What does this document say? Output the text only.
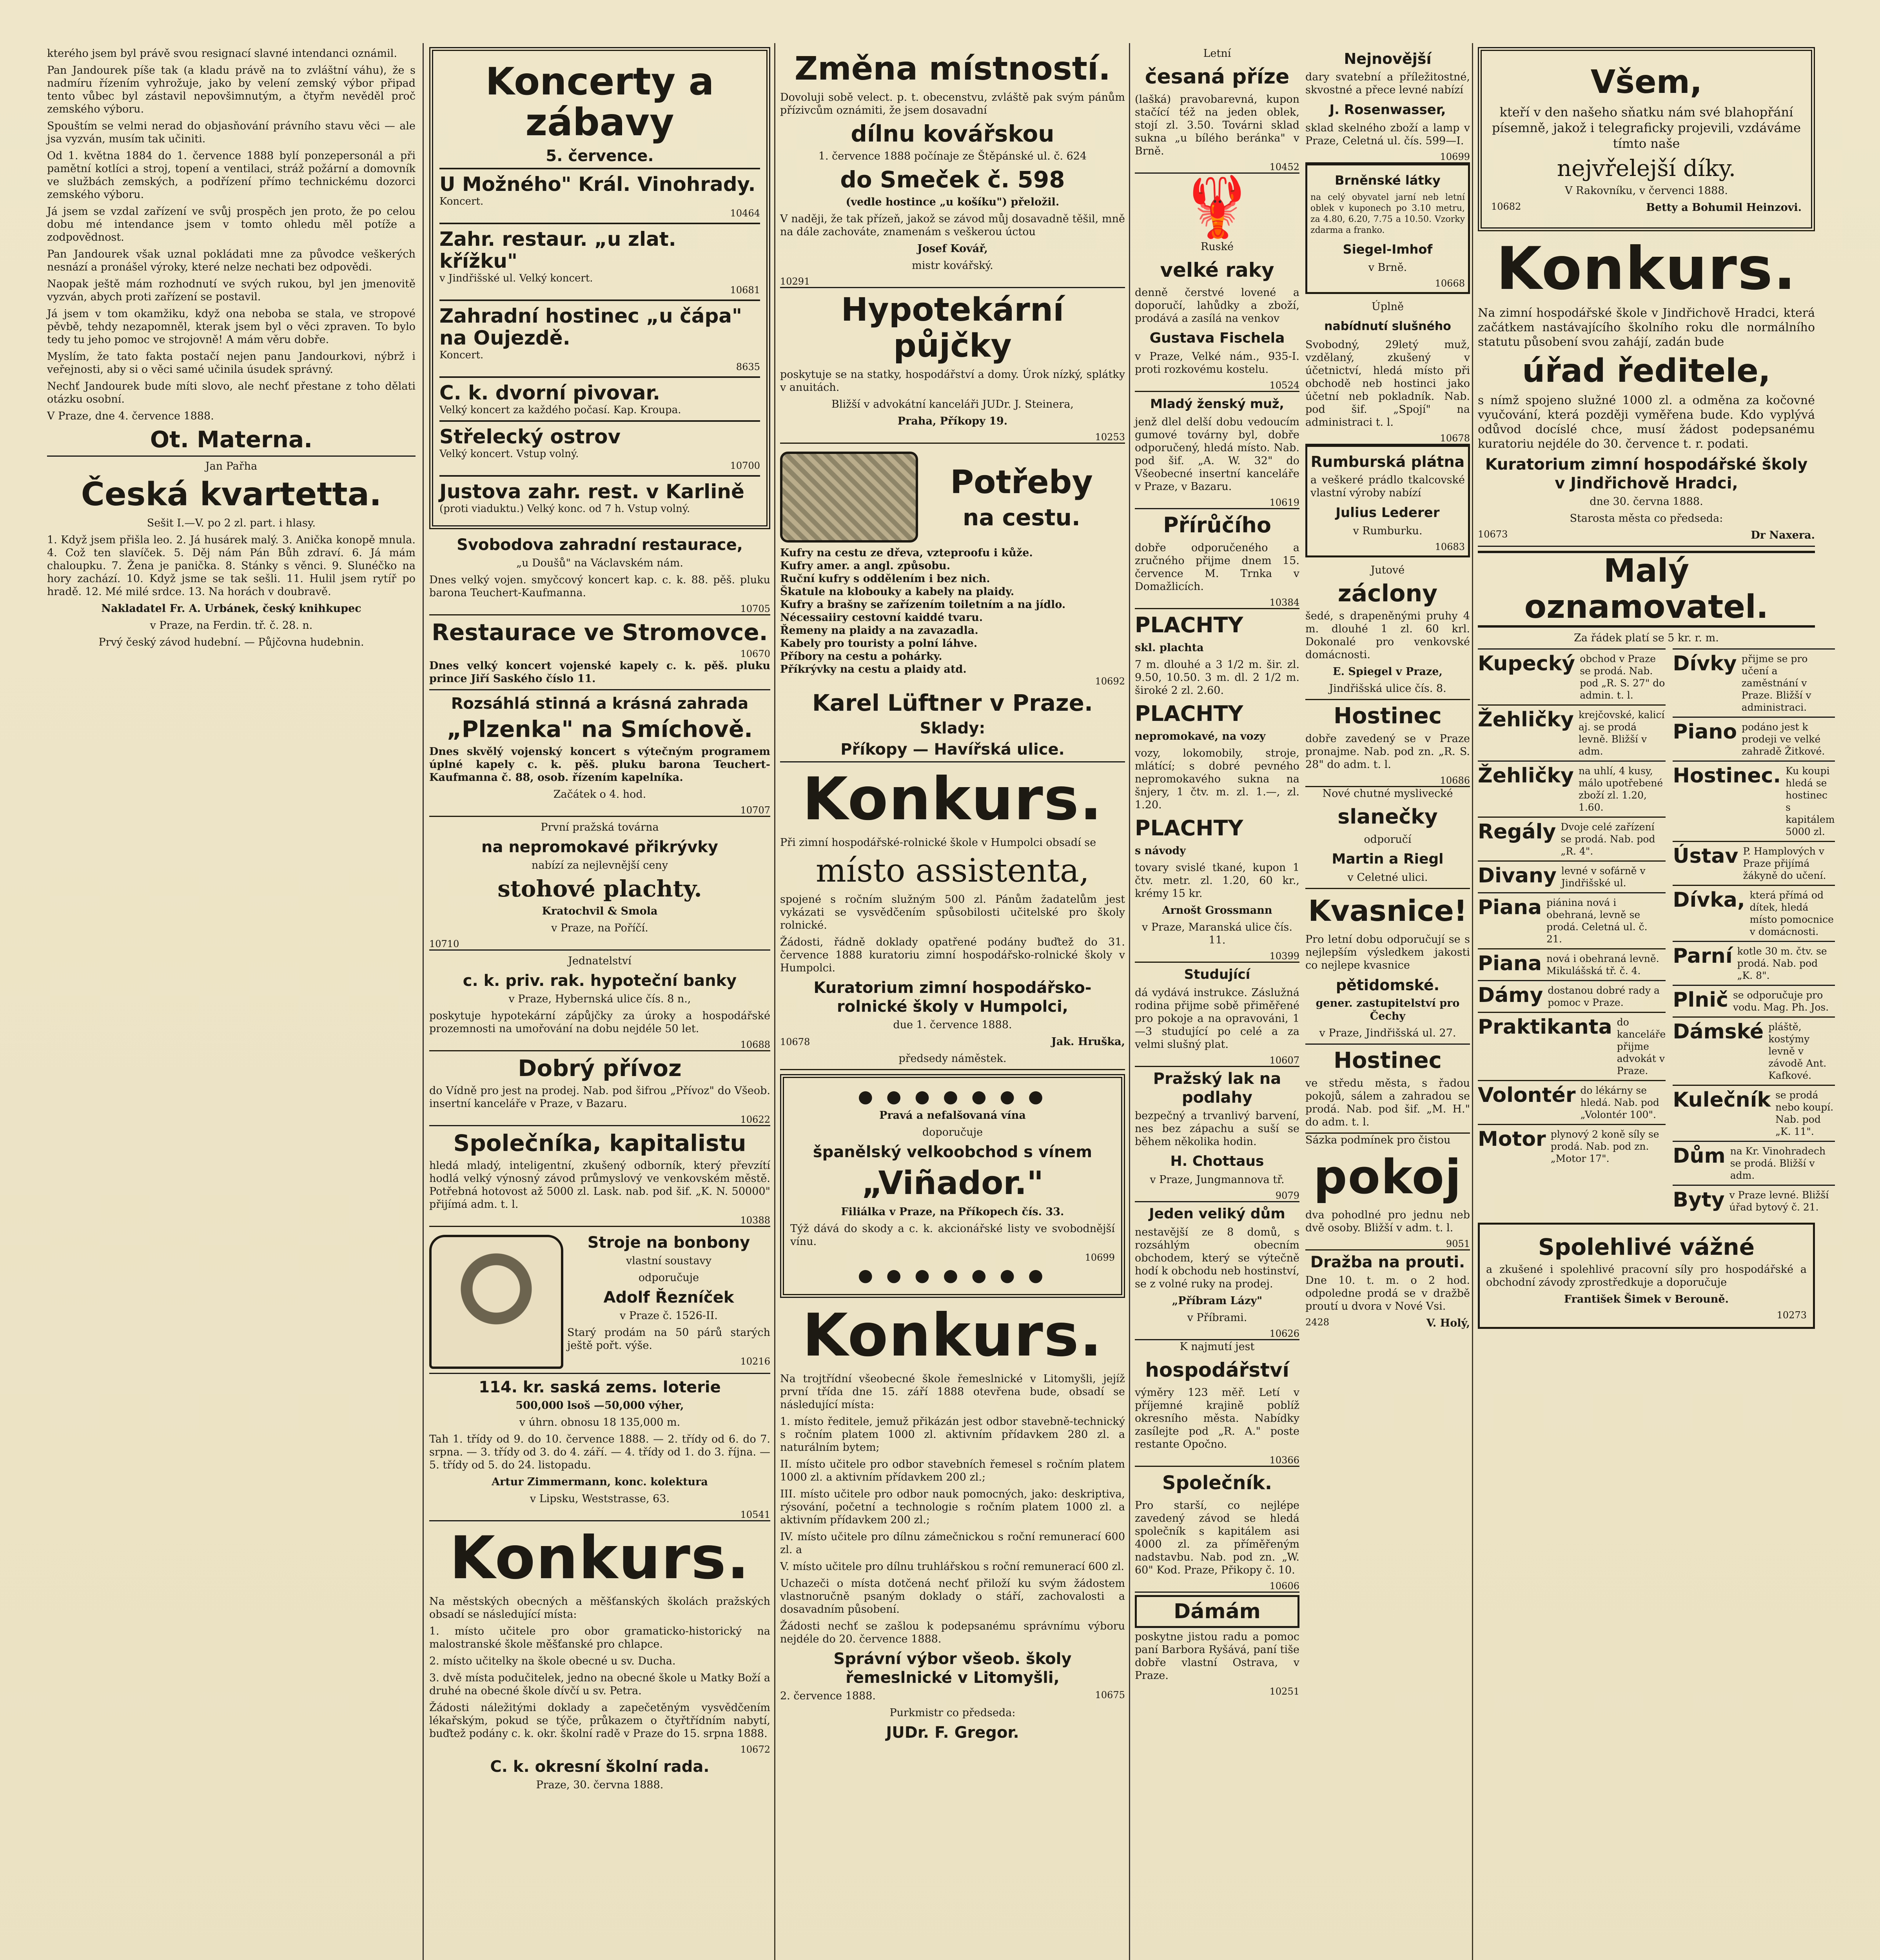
kterého jsem byl právě svou resignací slavné intendanci oznámil.

Pan Jandourek píše tak (a kladu právě na to zvláštní váhu), že s nadmíru řízením vyhrožuje, jako by velení zemský výbor připad tento vůbec byl zástavil nepovšimnutým, a čtyřm nevěděl proč zemského výboru.

Spouštím se velmi nerad do objasňování právního stavu věci — ale jsa vyzván, musím tak učiniti.

Od 1. května 1884 do 1. července 1888 bylí ponzepersonál a při pamětní kotlíci a stroj, topení a ventilaci, stráž požární a domovník ve službách zemských, a podřízení přímo technickému dozorci zemského výboru.

Já jsem se vzdal zařízení ve svůj prospěch jen proto, že po celou dobu mé intendance jsem v tomto ohledu měl potíže a zodpovědnost.

Pan Jandourek však uznal pokládati mne za původce veškerých nesnází a pronášel výroky, které nelze nechati bez odpovědi.

Naopak ještě mám rozhodnutí ve svých rukou, byl jen jmenovitě vyzván, abych proti zařízení se postavil.

Já jsem v tom okamžiku, když ona neboba se stala, ve stropové pěvbě, tehdy nezapomněl, kterak jsem byl o věci zpraven. To bylo tedy tu jeho pomoc ve strojovně! A mám věru dobře.

Myslím, že tato fakta postačí nejen panu Jandourkovi, nýbrž i veřejnosti, aby si o věci samé učinila úsudek správný.

Nechť Jandourek bude míti slovo, ale nechť přestane z toho dělati otázku osobní.

V Praze, dne 4. července 1888.

Ot. Materna.

Jan Pařha

Česká kvartetta.

Sešit I.—V. po 2 zl. part. i hlasy.

1. Když jsem přišla leo. 2. Já husárek malý. 3. Anička konopě mnula. 4. Což ten slavíček. 5. Děj nám Pán Bůh zdraví. 6. Já mám chaloupku. 7. Žena je panička. 8. Stánky s věnci. 9. Slunéčko na hory zachází. 10. Když jsme se tak sešli. 11. Hulil jsem rytíř po hradě. 12. Mé milé srdce. 13. Na horách v doubravě.

Nakladatel Fr. A. Urbánek, český knihkupec

v Praze, na Ferdin. tř. č. 28. n.

Prvý český závod hudební. — Půjčovna hudebnin.

Koncerty a zábavy
5. července.
U Možného" Král. Vinohrady.
Koncert.

10464

Zahr. restaur. „u zlat. křížku"
v Jindřišské ul. Velký koncert.

10681

Zahradní hostinec „u čápa" na Oujezdě.
Koncert.

8635

C. k. dvorní pivovar.
Velký koncert za každého počasí. Kap. Kroupa.
Střelecký ostrov
Velký koncert. Vstup volný.

10700

Justova zahr. rest. v Karlině
(proti viaduktu.) Velký konc. od 7 h. Vstup volný.
Svobodova zahradní restaurace,

„u Doušů" na Václavském nám.

Dnes velký vojen. smyčcový koncert kap. c. k. 88. pěš. pluku barona Teuchert-Kaufmanna.

10705

Restaurace ve Stromovce.

10670

Dnes velký koncert vojenské kapely c. k. pěš. pluku prince Jiří Saského číslo 11.

Rozsáhlá stinná a krásná zahrada
„Plzenka" na Smíchově.

Dnes skvělý vojenský koncert s výtečným programem úplné kapely c. k. pěš. pluku barona Teuchert-Kaufmanna č. 88, osob. řízením kapelníka.

Začátek o 4. hod.

10707

První pražská továrna

na nepromokavé přikrývky

nabízí za nejlevnější ceny

stohové plachty.

Kratochvil & Smola

v Praze, na Poříčí.

10710

Jednatelství

c. k. priv. rak. hypoteční banky

v Praze, Hybernská ulice čís. 8 n.,

poskytuje hypotekární zápůjčky za úroky a hospodářské prozemnosti na umořování na dobu nejdéle 50 let.

10688

Dobrý přívoz

do Vídně pro jest na prodej. Nab. pod šifrou „Přívoz" do Všeob. insertní kanceláře v Praze, v Bazaru.

10622

Společníka, kapitalistu

hledá mladý, inteligentní, zkušený odborník, který převzítí hodlá velký výnosný závod průmyslový ve venkovském městě. Potřebná hotovost až 5000 zl. Lask. nab. pod šif. „K. N. 50000" přijímá adm. t. l.

10388

Stroje na bonbony

vlastní soustavy

odporučuje

Adolf Řezníček

v Praze č. 1526-II.

Starý prodám na 50 párů starých ještě pořt. výše.

10216

114. kr. saská zems. loterie

500,000 lsoš —50,000 výher,

v úhrn. obnosu 18 135,000 m.

Tah 1. třídy od 9. do 10. července 1888. — 2. třídy od 6. do 7. srpna. — 3. třídy od 3. do 4. září. — 4. třídy od 1. do 3. října. — 5. třídy od 5. do 24. listopadu.

Artur Zimmermann, konc. kolektura

v Lipsku, Weststrasse, 63.

10541

Konkurs.

Na městských obecných a měšťanských školách pražských obsadí se následující místa:

1. místo učitele pro obor gramaticko-historický na malostranské škole měšťanské pro chlapce.

2. místo učitelky na škole obecné u sv. Ducha.

3. dvě místa podučitelek, jedno na obecné škole u Matky Boží a druhé na obecné škole dívčí u sv. Petra.

Žádosti náležitými doklady a zapečetěným vysvědčením lékařským, pokud se týče, průkazem o čtyřtřídním nabytí, buďtež podány c. k. okr. školní radě v Praze do 15. srpna 1888.

10672

C. k. okresní školní rada.

Praze, 30. června 1888.

Změna místností.

Dovoluji sobě velect. p. t. obecenstvu, zvláště pak svým pánům přízivcům oznámiti, že jsem dosavadní

dílnu kovářskou

1. července 1888 počínaje ze Štěpánské ul. č. 624

do Smeček č. 598

(vedle hostince „u košíku") přeložil.

V naději, že tak přízeň, jakož se závod můj dosavadně těšil, mně na dále zachováte, znamenám s veškerou úctou

Josef Kovář,

mistr kovářský.

10291

Hypotekární půjčky

poskytuje se na statky, hospodářství a domy. Úrok nízký, splátky v anuitách.

Bližší v advokátní kanceláři JUDr. J. Steinera,

Praha, Příkopy 19.

10253

Potřeby
na cestu.

Kufry na cestu ze dřeva, vzteproofu i kůže.

Kufry amer. a angl. způsobu.

Ruční kufry s oddělením i bez nich.

Škatule na klobouky a kabely na plaidy.

Kufry a brašny se zařízením toiletním a na jídlo.

Nécessaiiry cestovní kaiddé tvaru.

Řemeny na plaidy a na zavazadla.

Kabely pro touristy a polní láhve.

Příbory na cestu a pohárky.

Příkrývky na cestu a plaidy atd.

10692

Karel Lüftner v Praze.
Sklady:
Příkopy — Havířská ulice.
Konkurs.

Při zimní hospodářské-rolnické škole v Humpolci obsadí se

místo assistenta,

spojené s ročním služným 500 zl. Pánům žadatelům jest vykázati se vysvědčením spůsobilosti učitelské pro školy rolnické.

Žádosti, řádně doklady opatřené podány buďtež do 31. července 1888 kuratoriu zimní hospodářsko-rolnické školy v Humpolci.

Kuratorium zimní hospodářsko-rolnické školy v Humpolci,

due 1. července 1888.

10678	Jak. Hruška,

předsedy náměstek.

● ● ● ● ● ● ●

Pravá a nefalšovaná vína

doporučuje

španělský velkoobchod s vínem
„Viñador."

Filiálka v Praze, na Příkopech čís. 33.

Týž dává do skody a c. k. akcionářské listy ve svobodnější vínu.

10699

● ● ● ● ● ● ●
Konkurs.

Na trojtřídní všeobecné škole řemeslnické v Litomyšli, jejíž první třída dne 15. září 1888 otevřena bude, obsadí se následující místa:

1. místo ředitele, jemuž přikázán jest odbor stavebně-technický s ročním platem 1000 zl. aktivním přídavkem 280 zl. a naturálním bytem;

II. místo učitele pro odbor stavebních řemesel s ročním platem 1000 zl. a aktivním přídavkem 200 zl.;

III. místo učitele pro odbor nauk pomocných, jako: deskriptiva, rýsování, početní a technologie s ročním platem 1000 zl. a aktivním přídavkem 200 zl.;

IV. místo učitele pro dílnu zámečnickou s roční remunerací 600 zl. a

V. místo učitele pro dílnu truhlářskou s roční remunerací 600 zl.

Uchazeči o místa dotčená nechť přiloží ku svým žádostem vlastnoručně psaným doklady o stáří, zachovalosti a dosavadním působení.

Žádosti nechť se zašlou k podepsanému správnímu výboru nejdéle do 20. července 1888.

Správní výbor všeob. školy řemeslnické v Litomyšli,

2. července 1888.	10675

Purkmistr co předseda:

JUDr. F. Gregor.

Letní

česaná příze

(lašká) pravobarevná, kupon stačící též na jeden oblek, stojí zl. 3.50. Továrni sklad sukna „u bílého beránka" v Brně.

10452

🦞

Ruské

velké raky

denně čerstvé lovené a doporučí, lahůdky a zboží, prodává a zasílá na venkov

Gustava Fischela

v Praze, Velké nám., 935-I. proti rozkovému kostelu.

10524

Mladý ženský muž,

jenž dlel delší dobu vedoucím gumové továrny byl, dobře odporučený, hledá místo. Nab. pod šif. „A. W. 32" do Všeobecné insertní kanceláře v Praze, v Bazaru.

10619

Přírůčího

dobře odporučeného a zručného přijme dnem 15. července M. Trnka v Domažlicích.

10384

PLACHTY

skl. plachta

7 m. dlouhé a 3 1/2 m. šir. zl. 9.50, 10.50. 3 m. dl. 2 1/2 m. široké 2 zl. 2.60.

PLACHTY

nepromokavé, na vozy

vozy, lokomobily, stroje, mlátící; s dobré pevného nepromokavého sukna na šnjery, 1 čtv. m. zl. 1.—, zl. 1.20.

PLACHTY

s návody

tovary svislé tkané, kupon 1 čtv. metr. zl. 1.20, 60 kr., krémy 15 kr.

Arnošt Grossmann

v Praze, Maranská ulice čís. 11.

10399

Studující

dá vydává instrukce. Záslužná rodina přijme sobě přiměřené pro pokoje a na opravováni, 1—3 studující po celé a za velmi slušný plat.

10607

Pražský lak na podlahy

bezpečný a trvanlivý barvení, nes bez zápachu a suší se během několika hodin.

H. Chottaus

v Praze, Jungmannova tř.

9079

Jeden veliký dům

nestavější ze 8 domů, s rozsáhlým obecním obchodem, který se výtečně hodí k obchodu neb hostinství, se z volné ruky na prodej.

„Příbram Lázy"

v Příbrami.

10626

K najmutí jest

hospodářství

výměry 123 měř. Letí v příjemné krajině poblíž okresního města. Nabídky zasílejte pod „R. A." poste restante Opočno.

10366

Společník.

Pro starší, co nejlépe zavedený závod se hledá společník s kapitálem asi 4000 zl. za příměřeným nadstavbu. Nab. pod zn. „W. 60" Kod. Praze, Přikopy č. 10.

10606

Dámám

poskytne jistou radu a pomoc paní Barbora Ryšává, paní tiše dobře vlastní Ostrava, v Praze.

10251

Nejnovější

dary svatební a příležitostné, skvostné a přece levné nabízí

J. Rosenwasser,

sklad skelného zboží a lamp v Praze, Celetná ul. čís. 599—I.

10699

Brněnské látky

na celý obyvatel jarní neb letní oblek v kuponech po 3.10 metru, za 4.80, 6.20, 7.75 a 10.50. Vzorky zdarma a franko.

Siegel-Imhof

v Brně.

10668

Úplně

nabídnutí slušného

Svobodný, 29letý muž, vzdělaný, zkušený v účetnictví, hledá místo při obchodě neb hostinci jako účetní neb pokladník. Nab. pod šif. „Spojí" na administraci t. l.

10678

Rumburská plátna

a veškeré prádlo tkalcovské vlastní výroby nabízí

Julius Lederer

v Rumburku.

10683

Jutové

záclony

šedé, s drapeněnými pruhy 4 m. dlouhé 1 zl. 60 krl. Dokonalé pro venkovské domácnosti.

E. Spiegel v Praze,

Jindřišská ulice čís. 8.

Hostinec

dobře zavedený se v Praze pronajme. Nab. pod zn. „R. S. 28" do adm. t. l.

10686

Nové chutné myslivecké

slanečky

odporučí

Martin a Riegl

v Celetné ulici.

Kvasnice!

Pro letní dobu odporučují se s nejlepším výsledkem jakosti co nejlepe kvasnice

pětidomské.

gener. zastupitelství pro Čechy

v Praze, Jindřišská ul. 27.

Hostinec

ve středu města, s řadou pokojů, sálem a zahradou se prodá. Nab. pod šif. „M. H." do adm. t. l.

Sázka podmínek pro čistou

pokoj

dva pohodlné pro jednu neb dvě osoby. Bližší v adm. t. l.

9051

Dražba na prouti.

Dne 10. t. m. o 2 hod. odpoledne prodá se v dražbě proutí u dvora v Nové Vsi.

2428	V. Holý,

Všem,

kteří v den našeho sňatku nám své blahopřání písemně, jakož i telegraficky projevili, vzdáváme tímto naše

nejvřelejší díky.

V Rakovníku, v červenci 1888.

10682	Betty a Bohumil Heinzovi.

Konkurs.

Na zimní hospodářské škole v Jindřichově Hradci, která začátkem nastávajícího školního roku dle normálního statutu působení svou zahájí, zadán bude

úřad ředitele,

s nímž spojeno služné 1000 zl. a odměna za kočovné vyučování, která později vyměřena bude. Kdo vyplývá odůvod docíslé chce, musí žádost podepsanému kuratoriu nejdéle do 30. července t. r. podati.

Kuratorium zimní hospodářské školy v Jindřichově Hradci,

dne 30. června 1888.

Starosta města co předseda:

10673	Dr Naxera.

Malý oznamovatel.

Za řádek platí se 5 kr. r. m.

Kupecký obchod v Praze se prodá. Nab. pod „R. S. 27" do admin. t. l.
Žehličky krejčovské, kalicí aj. se prodá levně. Bližší v adm.
Žehličky na uhlí, 4 kusy, málo upotřebené zboží zl. 1.20, 1.60.
Regály Dvoje celé zařízení se prodá. Nab. pod „R. 4".
Divany levné v sofárně v Jindřišské ul.
Piana piánina nová i obehraná, levně se prodá. Celetná ul. č. 21.
Piana nová i obehraná levně. Mikulášská tř. č. 4.
Dámy dostanou dobré rady a pomoc v Praze.
Praktikanta do kanceláře přijme advokát v Praze.
Volontér do lékárny se hledá. Nab. pod „Volontér 100".
Motor plynový 2 koně síly se prodá. Nab. pod zn. „Motor 17".
Dívky přijme se pro učení a zaměstnání v Praze. Bližší v administraci.
Piano podáno jest k prodeji ve velké zahradě Žitkové.
Hostinec. Ku koupi hledá se hostinec s kapitálem 5000 zl.
Ústav P. Hamplových v Praze přijímá žákyně do učení.
Dívka, která přímá od dítek, hledá místo pomocnice v domácnosti.
Parní kotle 30 m. čtv. se prodá. Nab. pod „K. 8".
Plnič se odporučuje pro vodu. Mag. Ph. Jos.
Dámské pláště, kostýmy levně v závodě Ant. Kafkové.
Kulečník se prodá nebo koupí. Nab. pod „K. 11".
Dům na Kr. Vinohradech se prodá. Bližší v adm.
Byty v Praze levné. Bližší úřad bytový č. 21.
Spolehlivé vážné

a zkušené i spolehlivé pracovní síly pro hospodářské a obchodní závody zprostředkuje a doporučuje

František Šimek v Berouně.

10273
